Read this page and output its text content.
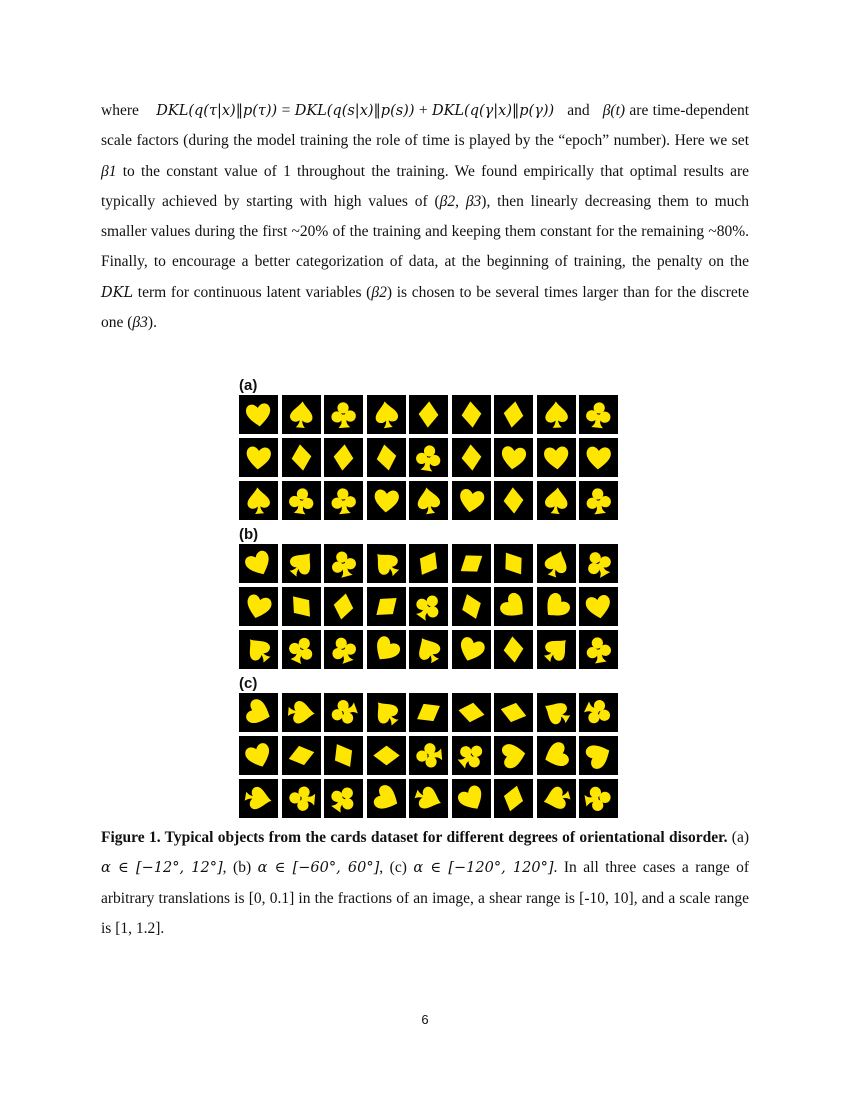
where DKL(q(τ|x)‖p(τ)) = DKL(q(s|x)‖p(s)) + DKL(q(γ|x)‖p(γ)) and β(t) are time-dependent scale factors (during the model training the role of time is played by the “epoch” number). Here we set β1 to the constant value of 1 throughout the training. We found empirically that optimal results are typically achieved by starting with high values of (β2, β3), then linearly decreasing them to much smaller values during the first ~20% of the training and keeping them constant for the remaining ~80%. Finally, to encourage a better categorization of data, at the beginning of training, the penalty on the DKL term for continuous latent variables (β2) is chosen to be several times larger than for the discrete one (β3).

(a)
(b)
(c)

Figure 1. Typical objects from the cards dataset for different degrees of orientational disorder. (a) α ∈ [−12°, 12°], (b) α ∈ [−60°, 60°], (c) α ∈ [−120°, 120°]. In all three cases a range of arbitrary translations is [0, 0.1] in the fractions of an image, a shear range is [-10, 10], and a scale range is [1, 1.2].

6
